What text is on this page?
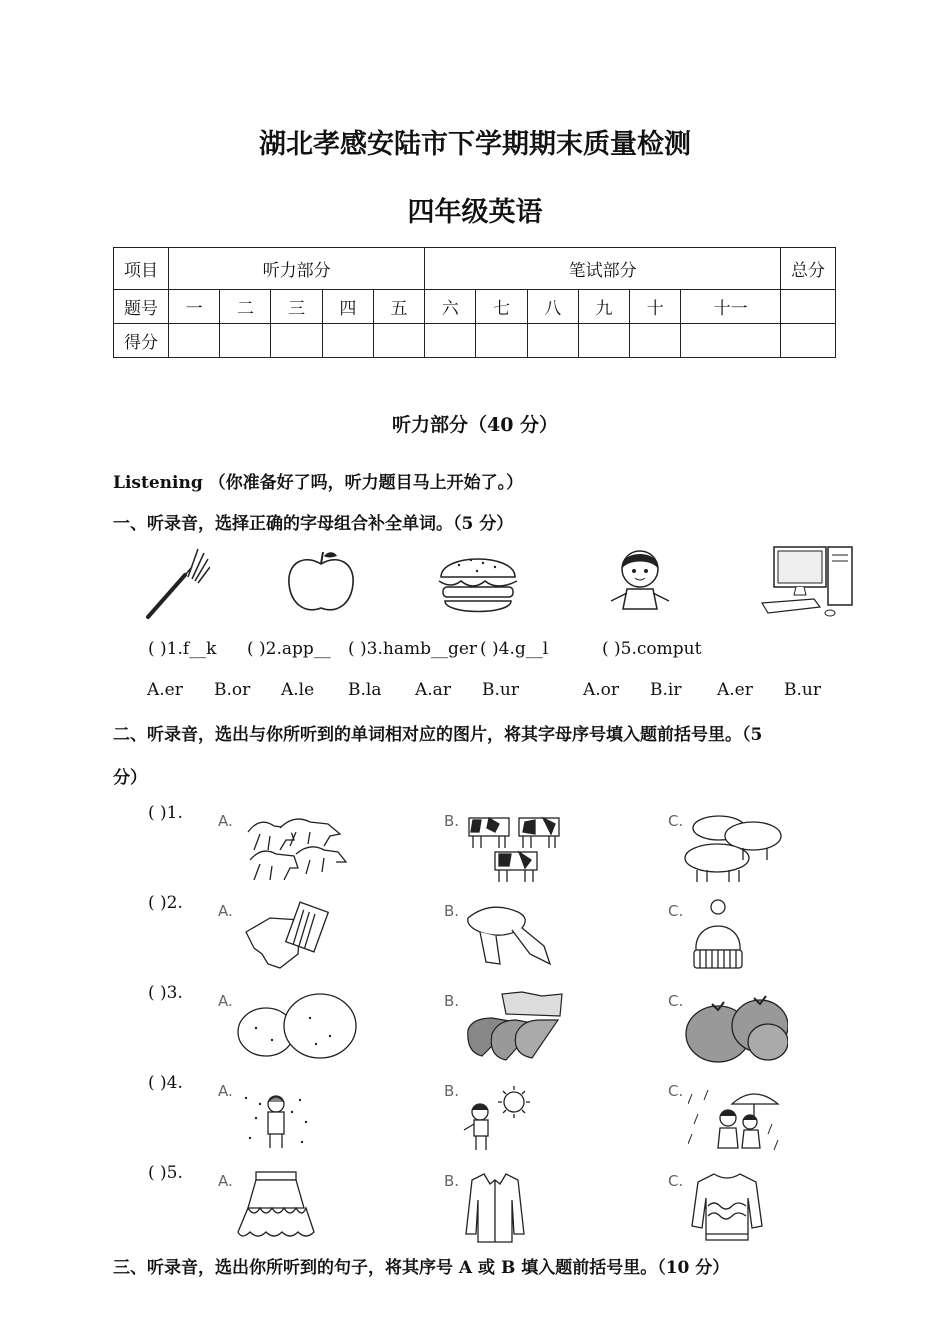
湖北孝感安陆市下学期期末质量检测
四年级英语
项目	听力部分					笔试部分						总分
题号	一	二	三	四	五	六	七	八	九	十	十一	
得分												
听力部分（40 分）
Listening （你准备好了吗，听力题目马上开始了。）
一、听录音，选择正确的字母组合补全单词。（5 分）
( )1.f__k ( )2.app__ ( )3.hamb__ger ( )4.g__l	( )5.comput
A.er B.or A.le B.la A.ar B.ur	A.or B.ir A.er B.ur
二、听录音，选出与你所听到的单词相对应的图片，将其字母序号填入题前括号里。（5
分）
( )1. A.	B.	C.
( )2. A.	B.	C.
( )3. A.	B.	C.
( )4. A.	B.	C.
( )5. A.	B.	C.
三、听录音，选出你所听到的句子，将其序号 A 或 B 填入题前括号里。（10 分）
